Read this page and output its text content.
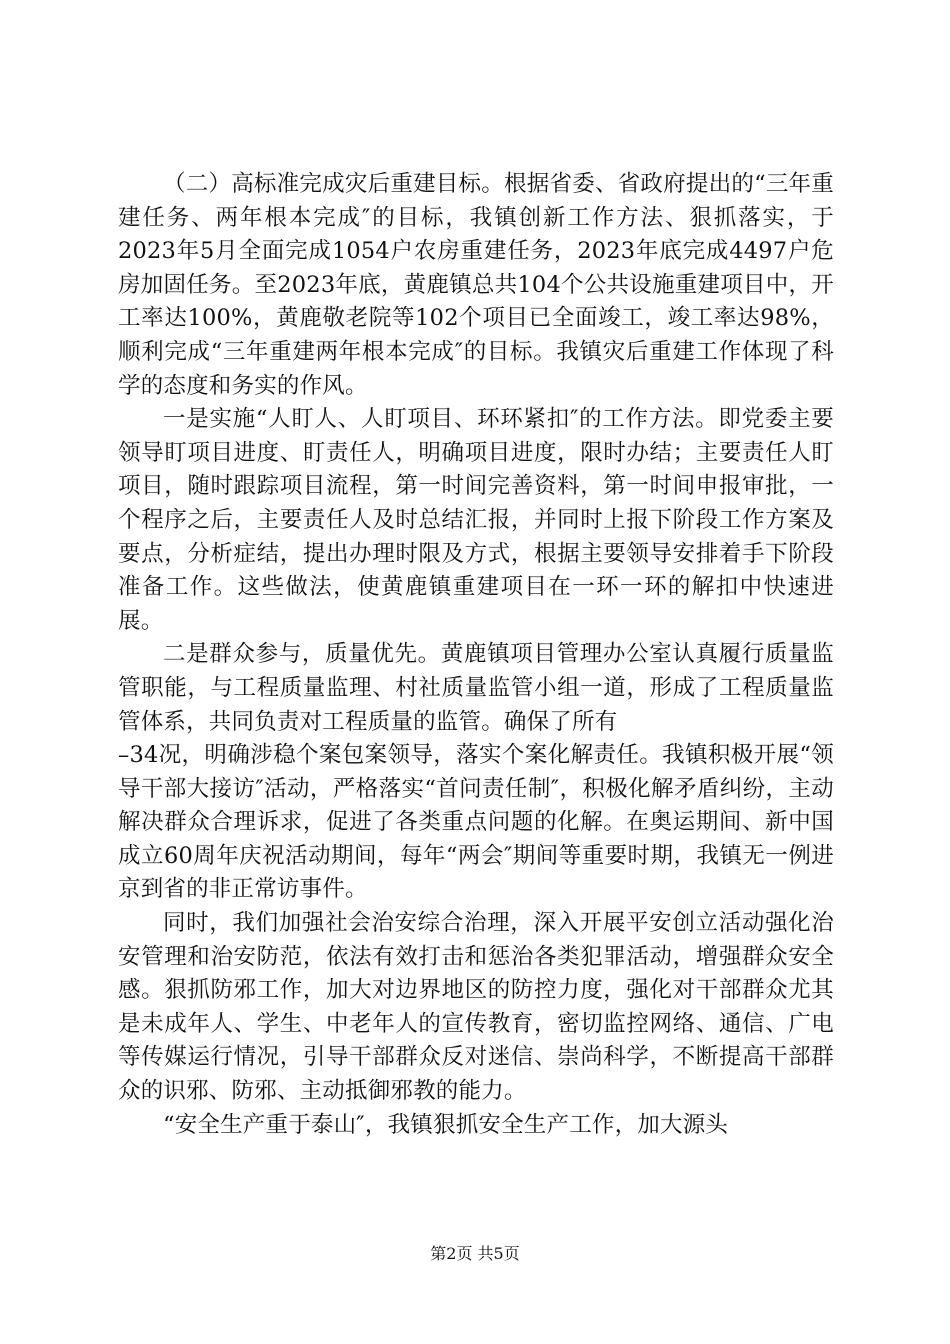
（二）高标准完成灾后重建目标。根据省委、省政府提出的“三年重建任务、两年根本完成″的目标，我镇创新工作方法、狠抓落实，于2023年5月全面完成1054户农房重建任务，2023年底完成4497户危房加固任务。至2023年底，黄鹿镇总共104个公共设施重建项目中，开工率达100%，黄鹿敬老院等102个项目已全面竣工，竣工率达98%，顺利完成“三年重建两年根本完成″的目标。我镇灾后重建工作体现了科学的态度和务实的作风。

一是实施“人盯人、人盯项目、环环紧扣″的工作方法。即党委主要领导盯项目进度、盯责任人，明确项目进度，限时办结；主要责任人盯项目，随时跟踪项目流程，第一时间完善资料，第一时间申报审批，一个程序之后，主要责任人及时总结汇报，并同时上报下阶段工作方案及要点，分析症结，提出办理时限及方式，根据主要领导安排着手下阶段准备工作。这些做法，使黄鹿镇重建项目在一环一环的解扣中快速进展。

二是群众参与，质量优先。黄鹿镇项目管理办公室认真履行质量监管职能，与工程质量监理、村社质量监管小组一道，形成了工程质量监管体系，共同负责对工程质量的监管。确保了所有

–34况，明确涉稳个案包案领导，落实个案化解责任。我镇积极开展“领导干部大接访″活动，严格落实“首问责任制″，积极化解矛盾纠纷，主动解决群众合理诉求，促进了各类重点问题的化解。在奥运期间、新中国成立60周年庆祝活动期间，每年“两会″期间等重要时期，我镇无一例进京到省的非正常访事件。

同时，我们加强社会治安综合治理，深入开展平安创立活动强化治安管理和治安防范，依法有效打击和惩治各类犯罪活动，增强群众安全感。狠抓防邪工作，加大对边界地区的防控力度，强化对干部群众尤其是未成年人、学生、中老年人的宣传教育，密切监控网络、通信、广电等传媒运行情况，引导干部群众反对迷信、崇尚科学，不断提高干部群众的识邪、防邪、主动抵御邪教的能力。

“安全生产重于泰山″，我镇狠抓安全生产工作，加大源头

第2页 共5页
